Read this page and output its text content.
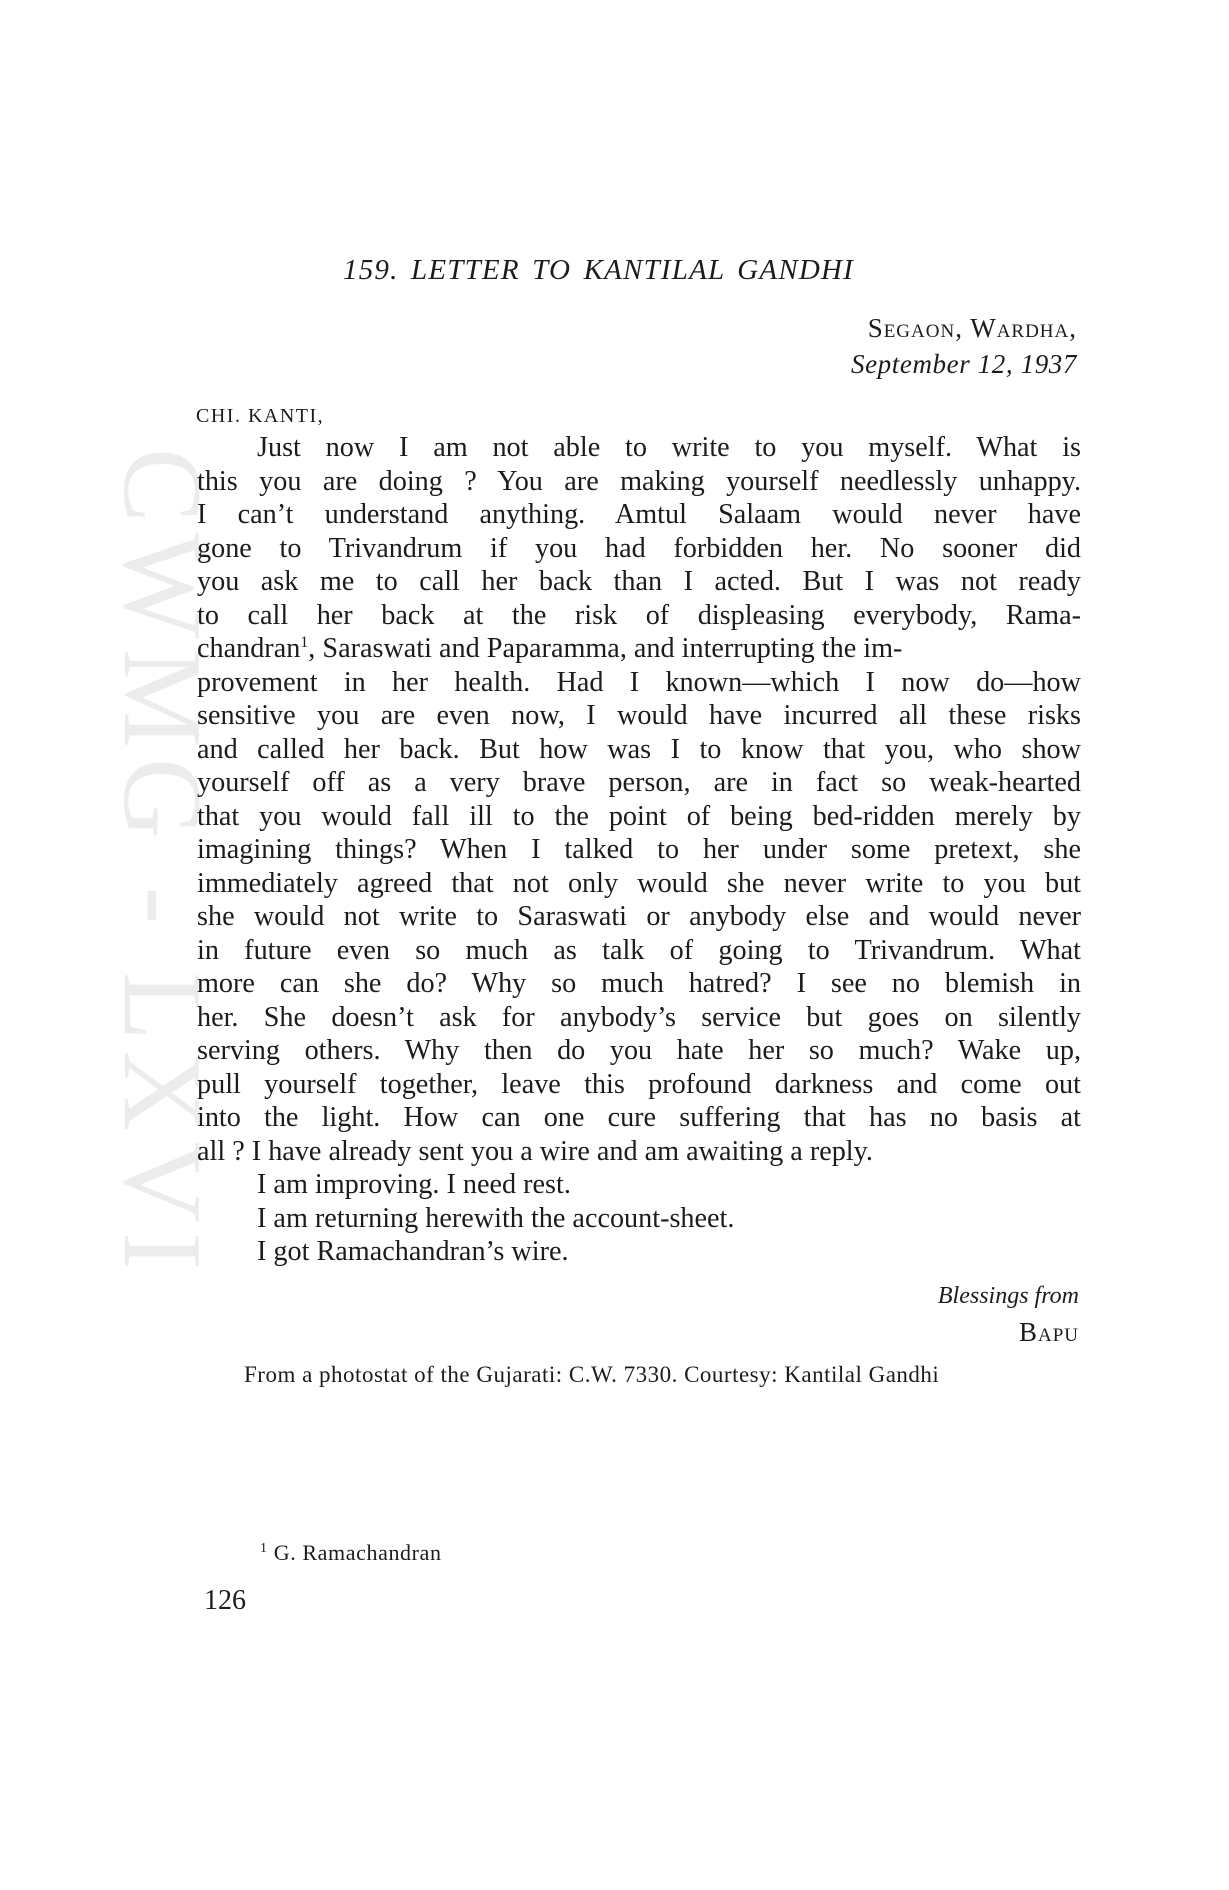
CWMG - LXVI
159. LETTER TO KANTILAL GANDHI
Segaon, Wardha,
September 12, 1937
CHI. KANTI,
Just now I am not able to write to you myself. What is
this you are doing ? You are making yourself needlessly unhappy.
I can’t understand anything. Amtul Salaam would never have
gone to Trivandrum if you had forbidden her. No sooner did
you ask me to call her back than I acted. But I was not ready
to call her back at the risk of displeasing everybody, Rama-
chandran$^1$, Saraswati and Paparamma, and interrupting the im-
provement in her health. Had I known—which I now do—how
sensitive you are even now, I would have incurred all these risks
and called her back. But how was I to know that you, who show
yourself off as a very brave person, are in fact so weak-hearted
that you would fall ill to the point of being bed-ridden merely by
imagining things? When I talked to her under some pretext, she
immediately agreed that not only would she never write to you but
she would not write to Saraswati or anybody else and would never
in future even so much as talk of going to Trivandrum. What
more can she do? Why so much hatred? I see no blemish in
her. She doesn’t ask for anybody’s service but goes on silently
serving others. Why then do you hate her so much? Wake up,
pull yourself together, leave this profound darkness and come out
into the light. How can one cure suffering that has no basis at
all ? I have already sent you a wire and am awaiting a reply.
I am improving. I need rest.
I am returning herewith the account-sheet.
I got Ramachandran’s wire.
Blessings from
Bapu
From a photostat of the Gujarati: C.W. 7330. Courtesy: Kantilal Gandhi
$^1$ G. Ramachandran
126
